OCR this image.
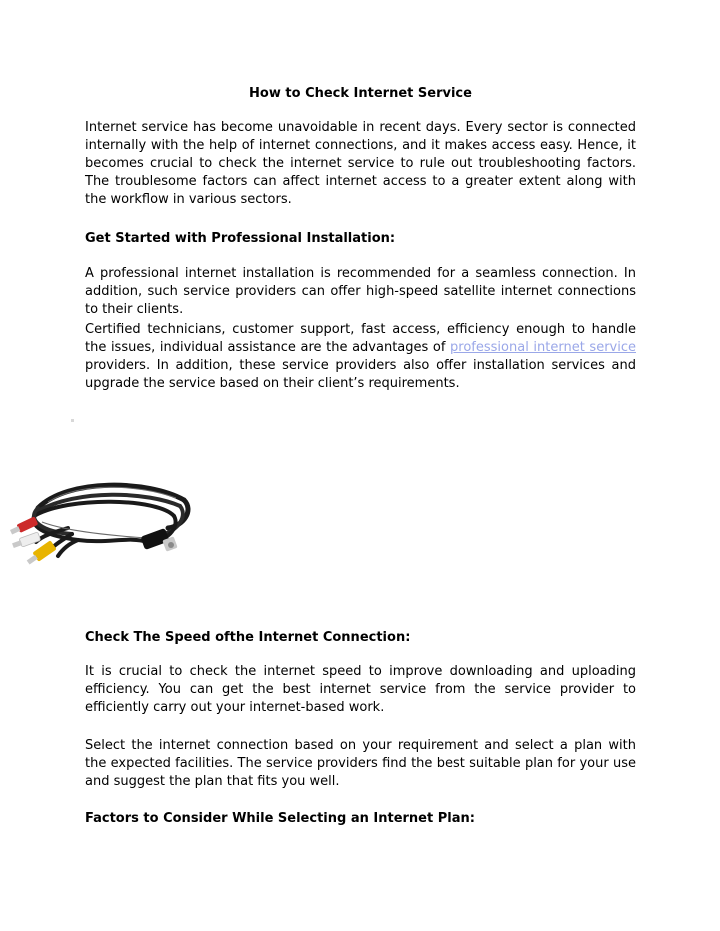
How to Check Internet Service

Internet service has become unavoidable in recent days. Every sector is connected internally with the help of internet connections, and it makes access easy. Hence, it becomes crucial to check the internet service to rule out troubleshooting factors. The troublesome factors can affect internet access to a greater extent along with the workflow in various sectors.

Get Started with Professional Installation:

A professional internet installation is recommended for a seamless connection. In addition, such service providers can offer high-speed satellite internet connections to their clients.

Certified technicians, customer support, fast access, efficiency enough to handle the issues, individual assistance are the advantages of professional internet service providers. In addition, these service providers also offer installation services and upgrade the service based on their client’s requirements.

Check The Speed ofthe Internet Connection:

It is crucial to check the internet speed to improve downloading and uploading efficiency. You can get the best internet service from the service provider to efficiently carry out your internet-based work.

Select the internet connection based on your requirement and select a plan with the expected facilities. The service providers find the best suitable plan for your use and suggest the plan that fits you well.

Factors to Consider While Selecting an Internet Plan:
